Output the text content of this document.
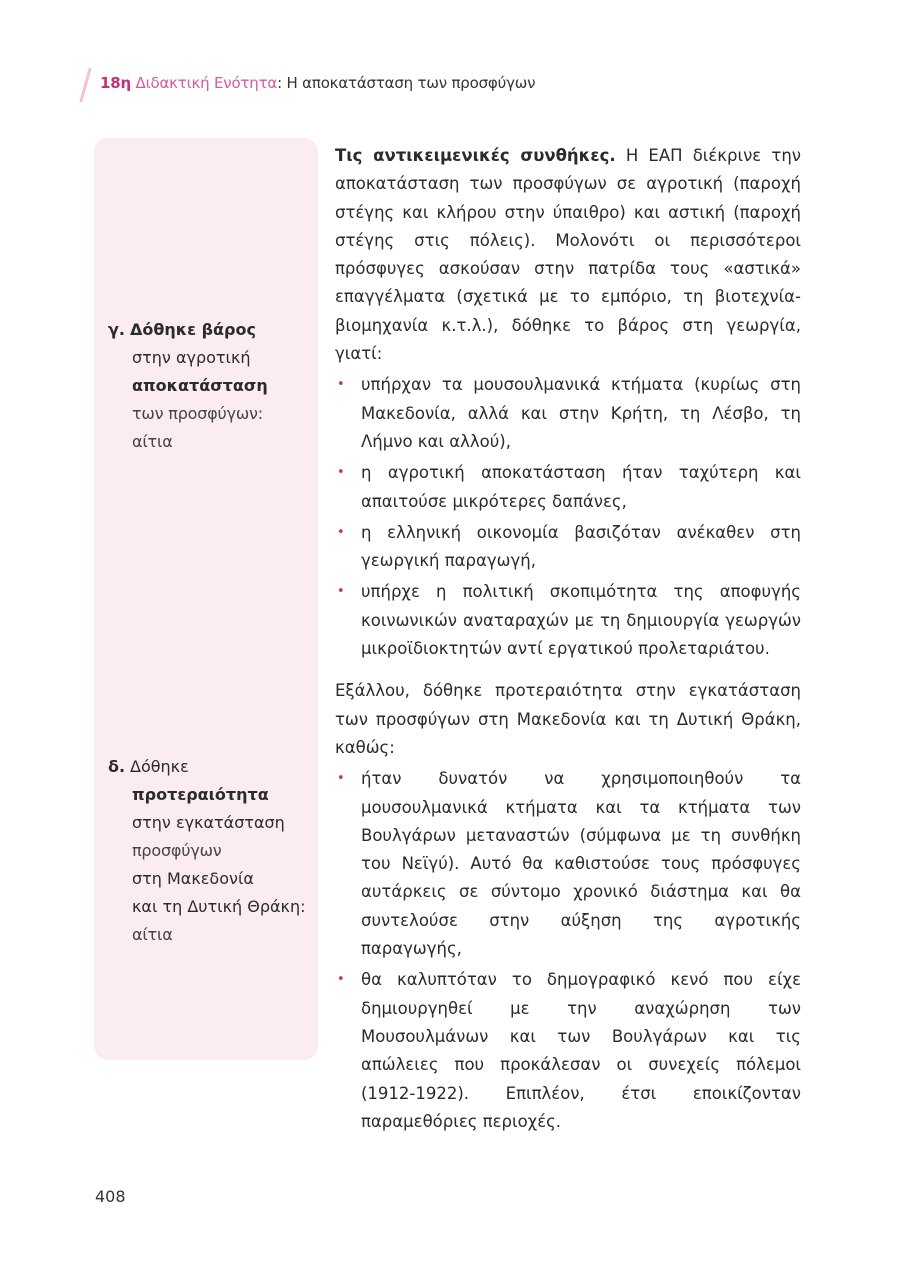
18η Διδακτική Ενότητα: Η αποκατάσταση των προσφύγων
γ. Δόθηκε βάρος
στην αγροτική
αποκατάσταση
των προσφύγων:
αίτια
δ. Δόθηκε
προτεραιότητα
στην εγκατάσταση
προσφύγων
στη Μακεδονία
και τη Δυτική Θράκη:
αίτια

Τις αντικειμενικές συνθήκες. Η ΕΑΠ διέκρινε την αποκατάσταση των προσφύγων σε αγροτική (παροχή στέγης και κλήρου στην ύπαιθρο) και αστική (παροχή στέγης στις πόλεις). Μολονότι οι περισσότεροι πρόσφυγες ασκούσαν στην πατρίδα τους «αστικά» επαγγέλματα (σχετικά με το εμπόριο, τη βιοτεχνία-βιομηχανία κ.τ.λ.), δόθηκε το βάρος στη γεωργία, γιατί:

• υπήρχαν τα μουσουλμανικά κτήματα (κυρίως στη Μακεδονία, αλλά και στην Κρήτη, τη Λέσβο, τη Λήμνο και αλλού),
• η αγροτική αποκατάσταση ήταν ταχύτερη και απαιτούσε μικρότερες δαπάνες,
• η ελληνική οικονομία βασιζόταν ανέκαθεν στη γεωργική παραγωγή,
• υπήρχε η πολιτική σκοπιμότητα της αποφυγής κοινωνικών αναταραχών με τη δημιουργία γεωργών μικροϊδιοκτητών αντί εργατικού προλεταριάτου.

Εξάλλου, δόθηκε προτεραιότητα στην εγκατάσταση των προσφύγων στη Μακεδονία και τη Δυτική Θράκη, καθώς:

• ήταν δυνατόν να χρησιμοποιηθούν τα μουσουλμανικά κτήματα και τα κτήματα των Βουλγάρων μεταναστών (σύμφωνα με τη συνθήκη του Νεϊγύ). Αυτό θα καθιστούσε τους πρόσφυγες αυτάρκεις σε σύντομο χρονικό διάστημα και θα συντελούσε στην αύξηση της αγροτικής παραγωγής,
• θα καλυπτόταν το δημογραφικό κενό που είχε δημιουργηθεί με την αναχώρηση των Μουσουλμάνων και των Βουλγάρων και τις απώλειες που προκάλεσαν οι συνεχείς πόλεμοι (1912-1922). Επιπλέον, έτσι εποικίζονταν παραμεθόριες περιοχές.
408
